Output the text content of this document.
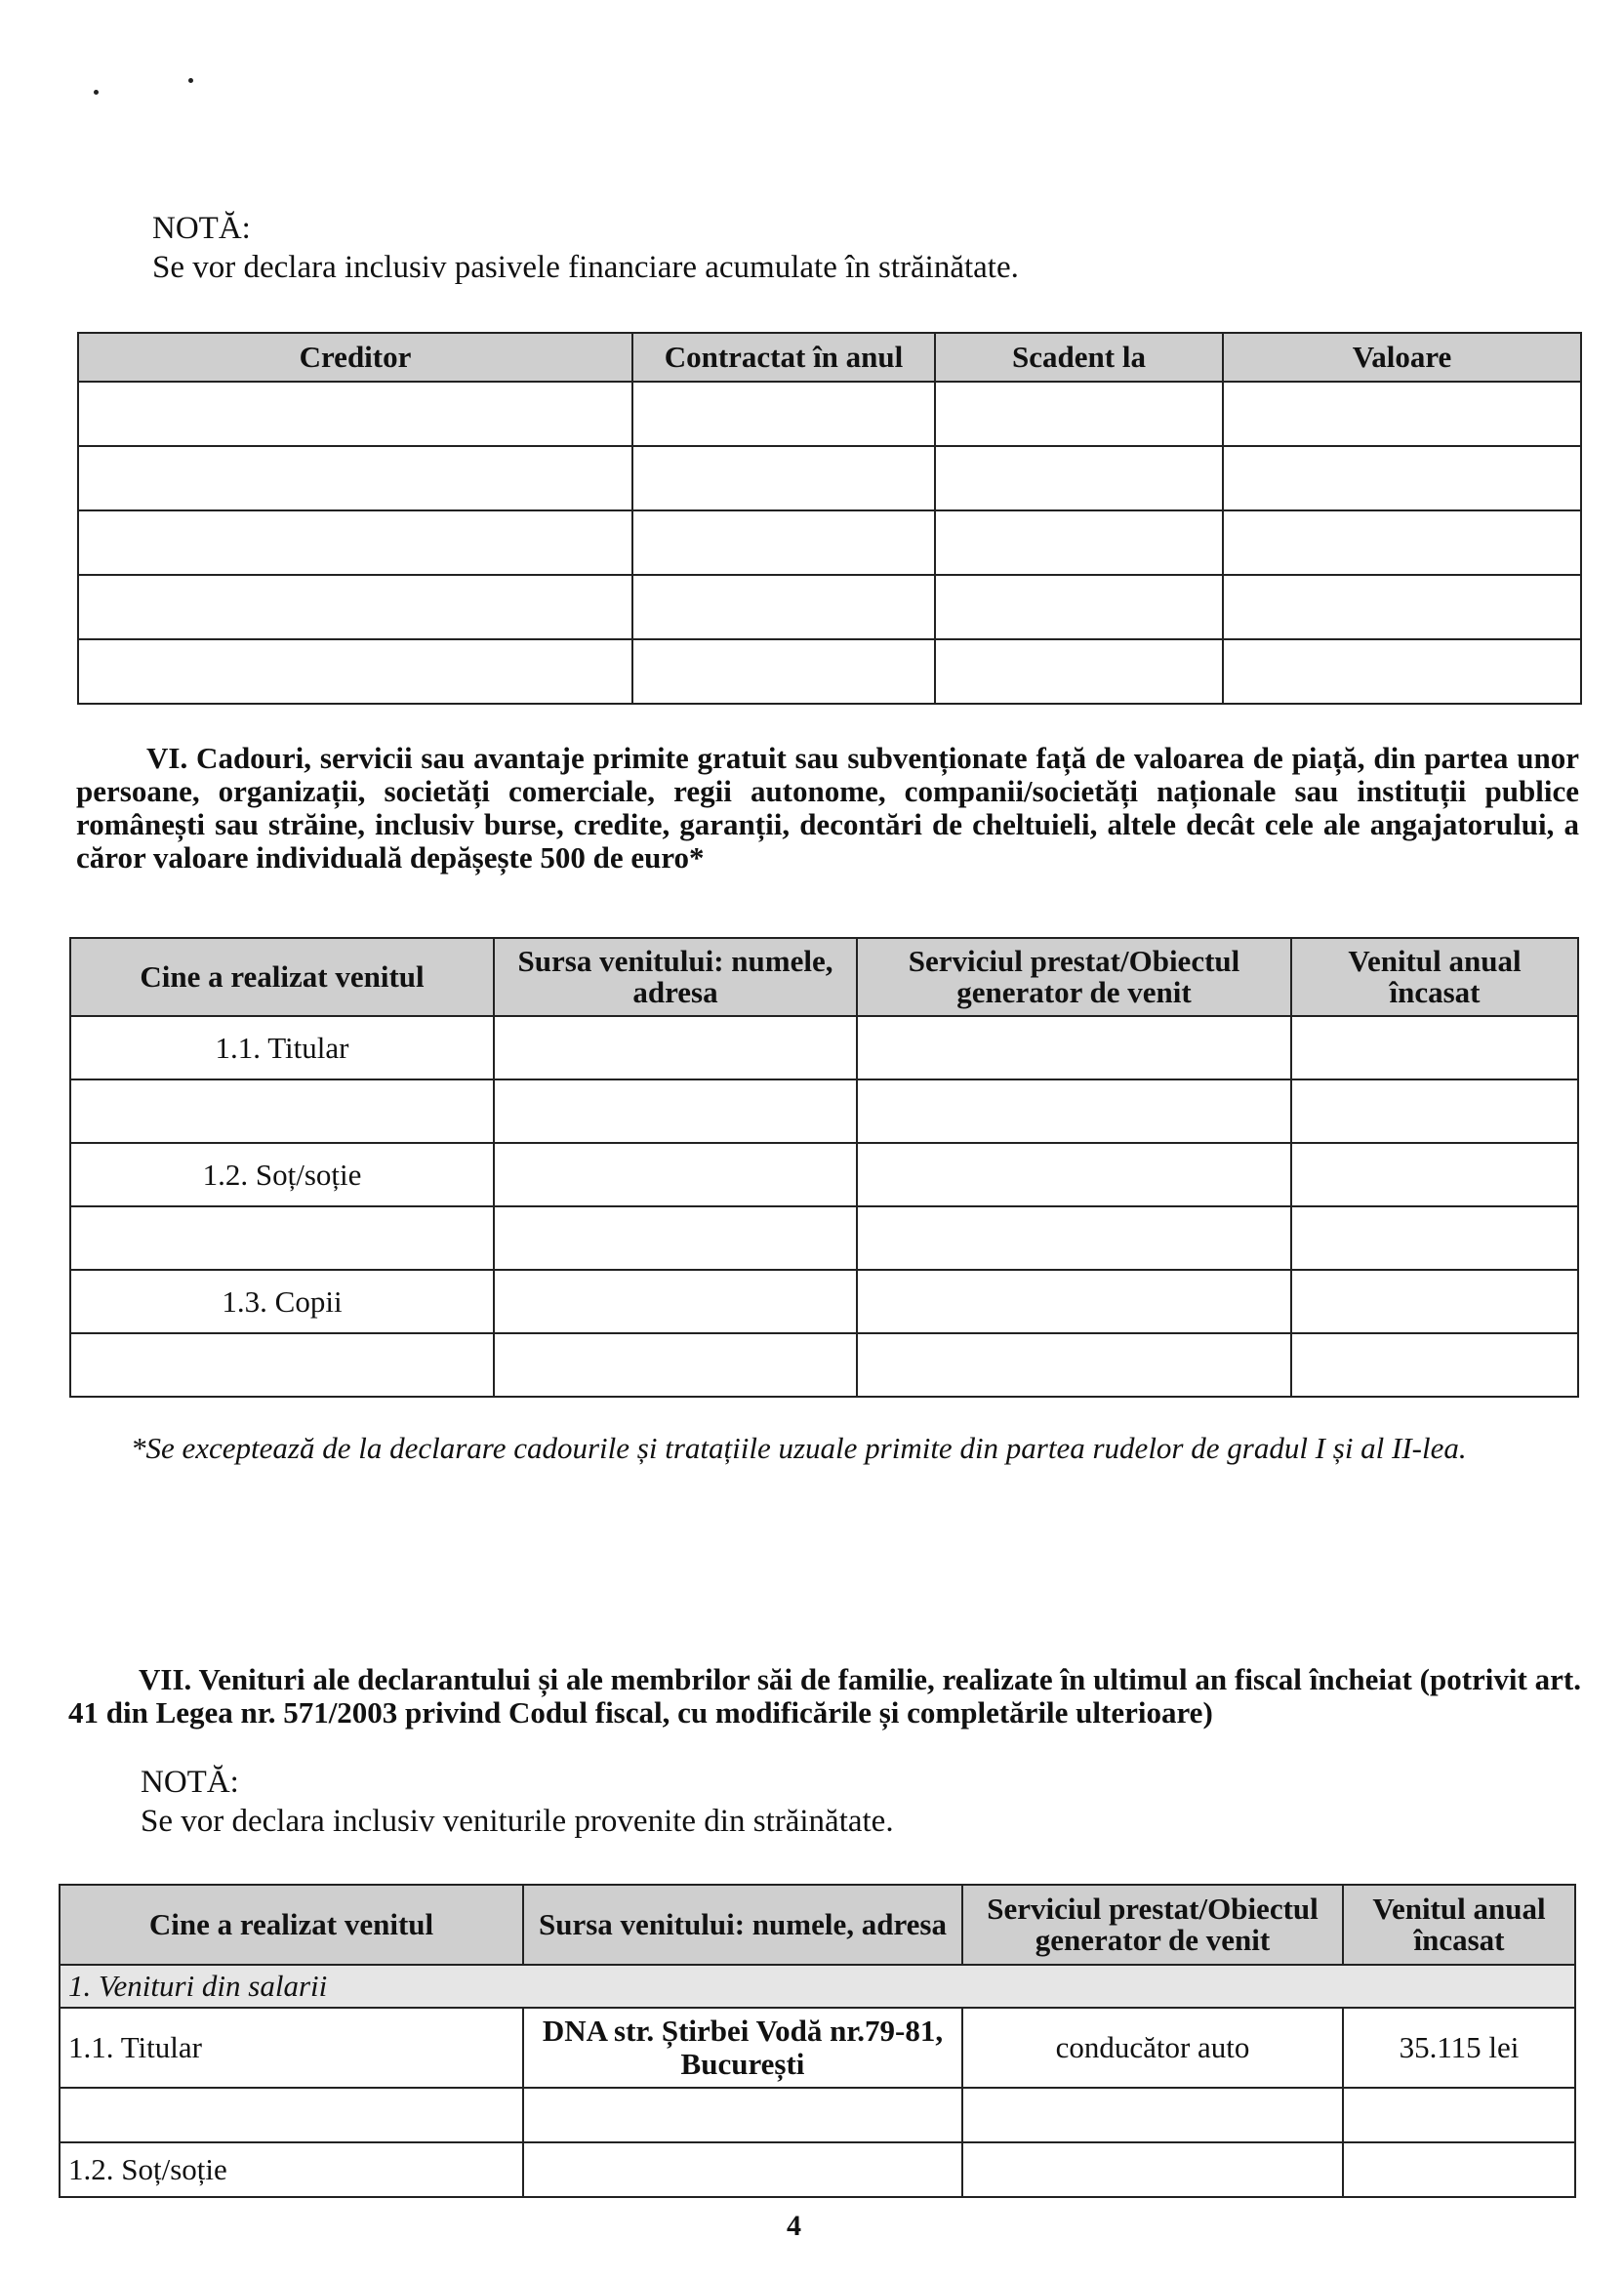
NOTĂ:
Se vor declara inclusiv pasivele financiare acumulate în străinătate.
Creditor	Contractat în anul	Scadent la	Valoare

VI. Cadouri, servicii sau avantaje primite gratuit sau subvenționate față de valoarea de piață, din partea unor persoane, organizații, societăți comerciale, regii autonome, companii/societăți naționale sau instituții publice românești sau străine, inclusiv burse, credite, garanții, decontări de cheltuieli, altele decât cele ale angajatorului, a căror valoare individuală depășește 500 de euro*
Cine a realizat venitul	Sursa venitului: numele, adresa	Serviciul prestat/Obiectul generator de venit	Venitul anual încasat
1.1. Titular			

1.2. Soț/soție			

1.3. Copii			

*Se exceptează de la declarare cadourile și tratațiile uzuale primite din partea rudelor de gradul I și al II-lea.
VII. Venituri ale declarantului și ale membrilor săi de familie, realizate în ultimul an fiscal încheiat (potrivit art. 41 din Legea nr. 571/2003 privind Codul fiscal, cu modificările și completările ulterioare)
NOTĂ:
Se vor declara inclusiv veniturile provenite din străinătate.
Cine a realizat venitul	Sursa venitului: numele, adresa	Serviciul prestat/Obiectul generator de venit	Venitul anual încasat
1. Venituri din salarii			
1.1. Titular	DNA str. Știrbei Vodă nr.79-81, București	conducător auto	35.115 lei

1.2. Soț/soție			
4
